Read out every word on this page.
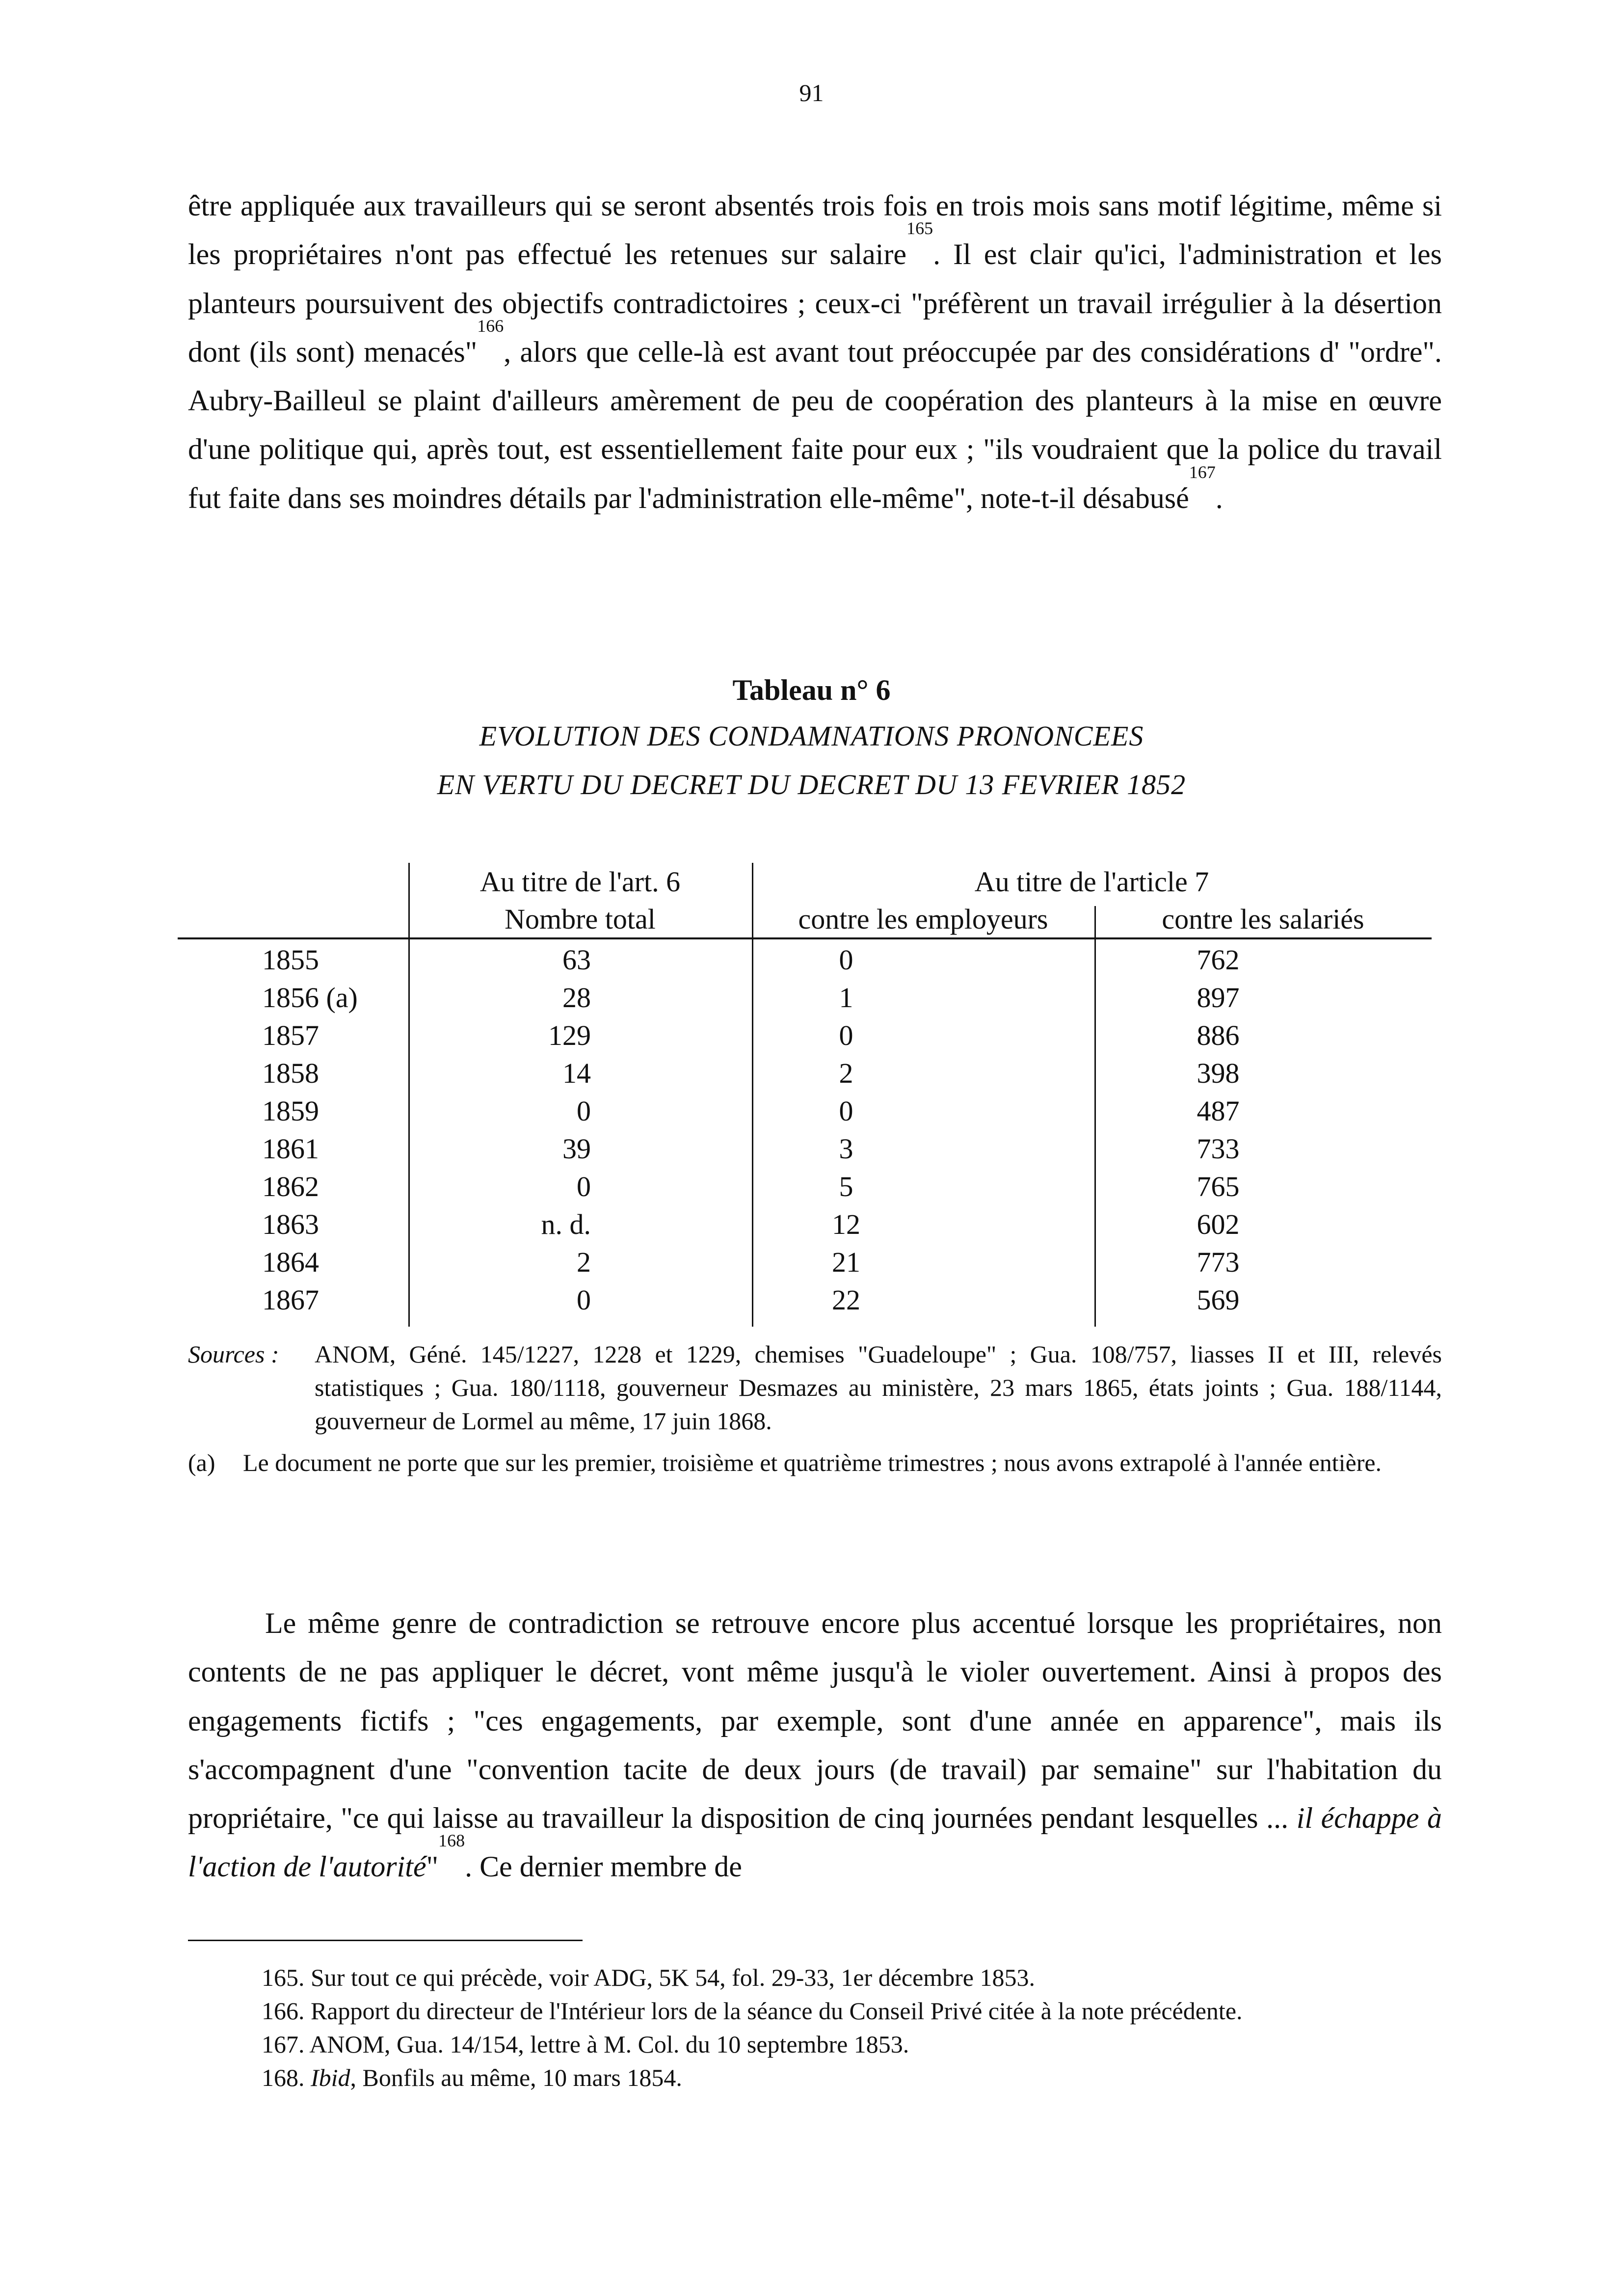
91

être appliquée aux travailleurs qui se seront absentés trois fois en trois mois sans motif légitime, même si les propriétaires n'ont pas effectué les retenues sur salaire$^{165}$. Il est clair qu'ici, l'administration et les planteurs poursuivent des objectifs contradictoires ; ceux-ci "préfèrent un travail irrégulier à la désertion dont (ils sont) menacés"$^{166}$, alors que celle-là est avant tout préoccupée par des considérations d' "ordre". Aubry-Bailleul se plaint d'ailleurs amèrement de peu de coopération des planteurs à la mise en œuvre d'une politique qui, après tout, est essentiellement faite pour eux ; "ils voudraient que la police du travail fut faite dans ses moindres détails par l'administration elle-même", note-t-il désabusé$^{167}$.

Tableau n° 6
EVOLUTION DES CONDAMNATIONS PRONONCEES
EN VERTU DU DECRET DU DECRET DU 13 FEVRIER 1852
Au titre de l'art. 6
Nombre total
Au titre de l'article 7
contre les employeurs	contre les salariés
1855	63	0	762
1856 (a)	28	1	897
1857	129	0	886
1858	14	2	398
1859	0	0	487
1861	39	3	733
1862	0	5	765
1863	n. d.	12	602
1864	2	21	773
1867	0	22	569
Sources : ANOM, Géné. 145/1227, 1228 et 1229, chemises "Guadeloupe" ; Gua. 108/757, liasses II et III, relevés statistiques ; Gua. 180/1118, gouverneur Desmazes au ministère, 23 mars 1865, états joints ; Gua. 188/1144, gouverneur de Lormel au même, 17 juin 1868.
(a) Le document ne porte que sur les premier, troisième et quatrième trimestres ; nous avons extrapolé à l'année entière.

Le même genre de contradiction se retrouve encore plus accentué lorsque les propriétaires, non contents de ne pas appliquer le décret, vont même jusqu'à le violer ouvertement. Ainsi à propos des engagements fictifs ; "ces engagements, par exemple, sont d'une année en apparence", mais ils s'accompagnent d'une "convention tacite de deux jours (de travail) par semaine" sur l'habitation du propriétaire, "ce qui laisse au travailleur la disposition de cinq journées pendant lesquelles ... il échappe à l'action de l'autorité"$^{168}$. Ce dernier membre de

165. Sur tout ce qui précède, voir ADG, 5K 54, fol. 29-33, 1er décembre 1853.

166. Rapport du directeur de l'Intérieur lors de la séance du Conseil Privé citée à la note précédente.

167. ANOM, Gua. 14/154, lettre à M. Col. du 10 septembre 1853.

168. Ibid, Bonfils au même, 10 mars 1854.
